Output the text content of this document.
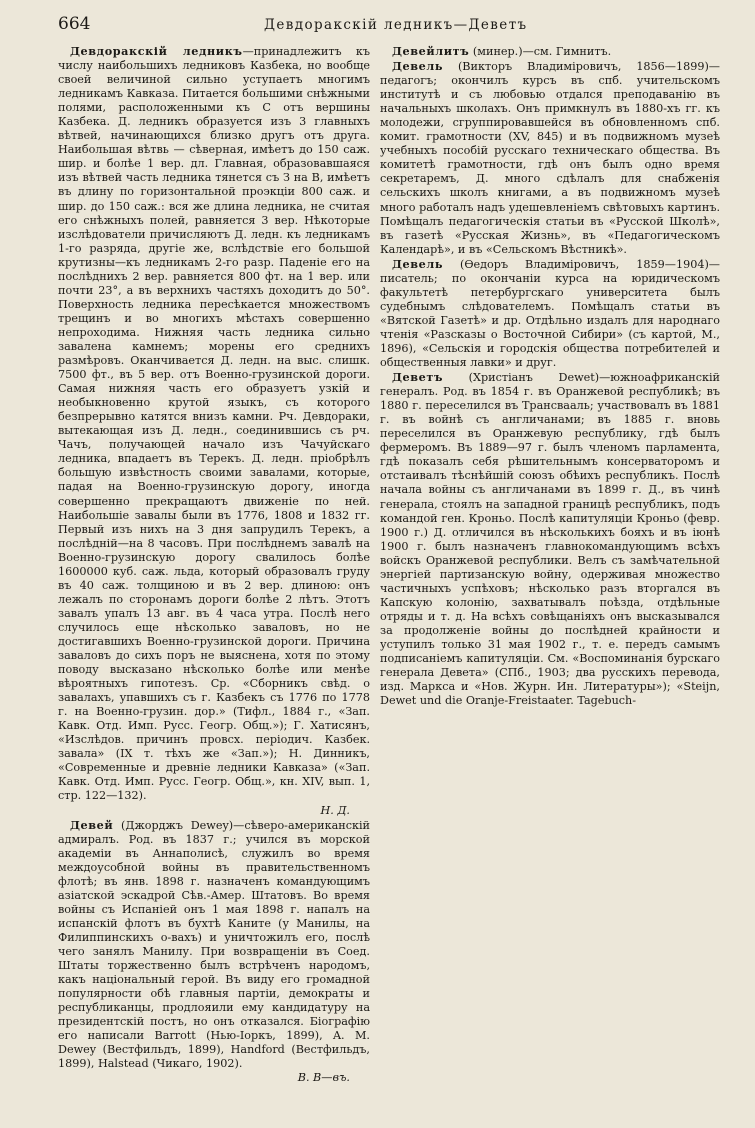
664	Девдоракскій ледникъ—Деветъ

Девдоракскій ледникъ—принадлежитъ къ числу наибольшихъ ледниковъ Казбека, но вообще своей величиной сильно уступаетъ многимъ ледникамъ Кавказа. Питается большими снѣжными полями, расположенными къ С отъ вершины Казбека. Д. ледникъ образуется изъ 3 главныхъ вѣтвей, начинающихся близко другъ отъ друга. Наибольшая вѣтвь — сѣверная, имѣетъ до 150 саж. шир. и болѣе 1 вер. дл. Главная, образовавшаяся изъ вѣтвей часть ледника тянется съ З на В, имѣетъ въ длину по горизонтальной проэкціи 800 саж. и шир. до 150 саж.: вся же длина ледника, не считая его снѣжныхъ полей, равняется 3 вер. Нѣкоторые изслѣдователи причисляютъ Д. ледн. къ ледникамъ 1-го разряда, другіе же, вслѣдствіе его большой крутизны—къ ледникамъ 2-го разр. Паденіе его на послѣднихъ 2 вер. равняется 800 фт. на 1 вер. или почти 23°, а въ верхнихъ частяхъ доходитъ до 50°. Поверхность ледника пересѣкается множествомъ трещинъ и во многихъ мѣстахъ совершенно непроходима. Нижняя часть ледника сильно завалена камнемъ; морены его среднихъ размѣровъ. Оканчивается Д. ледн. на выс. слишк. 7500 фт., въ 5 вер. отъ Военно-грузинской дороги. Самая нижняя часть его образуетъ узкій и необыкновенно крутой языкъ, съ которого безпрерывно катятся внизъ камни. Рч. Девдораки, вытекающая изъ Д. ледн., соединившись съ рч. Чачъ, получающей начало изъ Чачуйскаго ледника, впадаетъ въ Терекъ. Д. ледн. пріобрѣлъ большую извѣстность своими завалами, которые, падая на Военно-грузинскую дорогу, иногда совершенно прекращаютъ движеніе по ней. Наибольшіе завалы были въ 1776, 1808 и 1832 гг. Первый изъ нихъ на 3 дня запрудилъ Терекъ, а послѣдній—на 8 часовъ. При послѣднемъ завалѣ на Военно-грузинскую дорогу свалилось болѣе 1600000 куб. саж. льда, который образовалъ груду въ 40 саж. толщиною и въ 2 вер. длиною: онъ лежалъ по сторонамъ дороги болѣе 2 лѣтъ. Этотъ завалъ упалъ 13 авг. въ 4 часа утра. Послѣ него случилось еще нѣсколько заваловъ, но не достигавшихъ Военно-грузинской дороги. Причина заваловъ до сихъ поръ не выяснена, хотя по этому поводу высказано нѣсколько болѣе или менѣе вѣроятныхъ гипотезъ. Ср. «Сборникъ свѣд. о завалахъ, упавшихъ съ г. Казбекъ съ 1776 по 1778 г. на Военно-грузин. дор.» (Тифл., 1884 г., «Зап. Кавк. Отд. Имп. Русс. Геогр. Общ.»); Г. Хатисянъ, «Изслѣдов. причинъ провсх. періодич. Казбек. завала» (IX т. тѣхъ же «Зап.»); Н. Динникъ, «Современные и древніе ледники Кавказа» («Зап. Кавк. Отд. Имп. Русс. Геогр. Общ.», кн. XIV, вып. 1, стр. 122—132).
Н. Д.

Девей (Джорджъ Dewey)—сѣверо-американскій адмиралъ. Род. въ 1837 г.; учился въ морской академіи въ Аннаполисѣ, служилъ во время междоусобной войны въ правительственномъ флотѣ; въ янв. 1898 г. назначенъ командующимъ азіатской эскадрой Сѣв.-Амер. Штатовъ. Во время войны съ Испаніей онъ 1 мая 1898 г. напалъ на испанскій флотъ въ бухтѣ Каните (у Манилы, на Филиппинскихъ о-вахъ) и уничтожилъ его, послѣ чего занялъ Манилу. При возвращеніи въ Соед. Штаты торжественно былъ встрѣченъ народомъ, какъ національный герой. Въ виду его громадной популярности обѣ главныя партіи, демократы и республиканцы, продлояили ему кандидатуру на президентскій постъ, но онъ отказался. Біографію его написали Barrott (Нью-Іоркъ, 1899), A. M. Dewey (Вестфильдъ, 1899), Handford (Вестфильдъ, 1899), Halstead (Чикаго, 1902).
В. В—въ.

Девейлитъ (минер.)—см. Гимнитъ.

Девель (Викторъ Владиміровичъ, 1856—1899)—педагогъ; окончилъ курсъ въ спб. учительскомъ институтѣ и съ любовью отдался преподаванію въ начальныхъ школахъ. Онъ примкнулъ въ 1880-хъ гг. къ молодежи, сгруппировавшейся въ обновленномъ спб. комит. грамотности (XV, 845) и въ подвижномъ музеѣ учебныхъ пособій русскаго техническаго общества. Въ комитетѣ грамотности, гдѣ онъ былъ одно время секретаремъ, Д. много сдѣлалъ для снабженія сельскихъ школъ книгами, а въ подвижномъ музеѣ много работалъ надъ удешевленіемъ свѣтовыхъ картинъ. Помѣщалъ педагогическія статьи въ «Русской Школѣ», въ газетѣ «Русская Жизнь», въ «Педагогическомъ Календарѣ», и въ «Сельскомъ Вѣстникѣ».

Девель (Ѳедоръ Владиміровичъ, 1859—1904)—писатель; по окончаніи курса на юридическомъ факультетѣ петербургскаго университета былъ судебнымъ слѣдователемъ. Помѣщалъ статьи въ «Вятской Газетѣ» и др. Отдѣльно издалъ для народнаго чтенія «Разсказы о Восточной Сибири» (съ картой, М., 1896), «Сельскія и городскія общества потребителей и общественныя лавки» и друг.

Деветъ (Христіанъ Dewet)—южноафриканскій генералъ. Род. въ 1854 г. въ Оранжевой республикѣ; въ 1880 г. переселился въ Трансвааль; участвовалъ въ 1881 г. въ войнѣ съ англичанами; въ 1885 г. вновь переселился въ Оранжевую республику, гдѣ былъ фермеромъ. Въ 1889—97 г. былъ членомъ парламента, гдѣ показалъ себя рѣшительнымъ консерваторомъ и отстаивалъ тѣснѣйшій союзъ обѣихъ республикъ. Послѣ начала войны съ англичанами въ 1899 г. Д., въ чинѣ генерала, стоялъ на западной границѣ республикъ, подъ командой ген. Кроньо. Послѣ капитуляціи Кроньо (февр. 1900 г.) Д. отличился въ нѣсколькихъ бояхъ и въ іюнѣ 1900 г. былъ назначенъ главнокомандующимъ всѣхъ войскъ Оранжевой республики. Велъ съ замѣчательной энергіей партизанскую войну, одерживая множество частичныхъ успѣховъ; нѣсколько разъ вторгался въ Капскую колонію, захватывалъ поѣзда, отдѣльные отряды и т. д. На всѣхъ совѣщаніяхъ онъ высказывался за продолженіе войны до послѣдней крайности и уступилъ только 31 мая 1902 г., т. е. передъ самымъ подписаніемъ капитуляціи. См. «Воспоминанія бурскаго генерала Девета» (СПб., 1903; два русскихъ перевода, изд. Маркса и «Нов. Журн. Ин. Литературы»); «Steijn, Dewet und die Oranje-Freistaater. Tagebuch-
